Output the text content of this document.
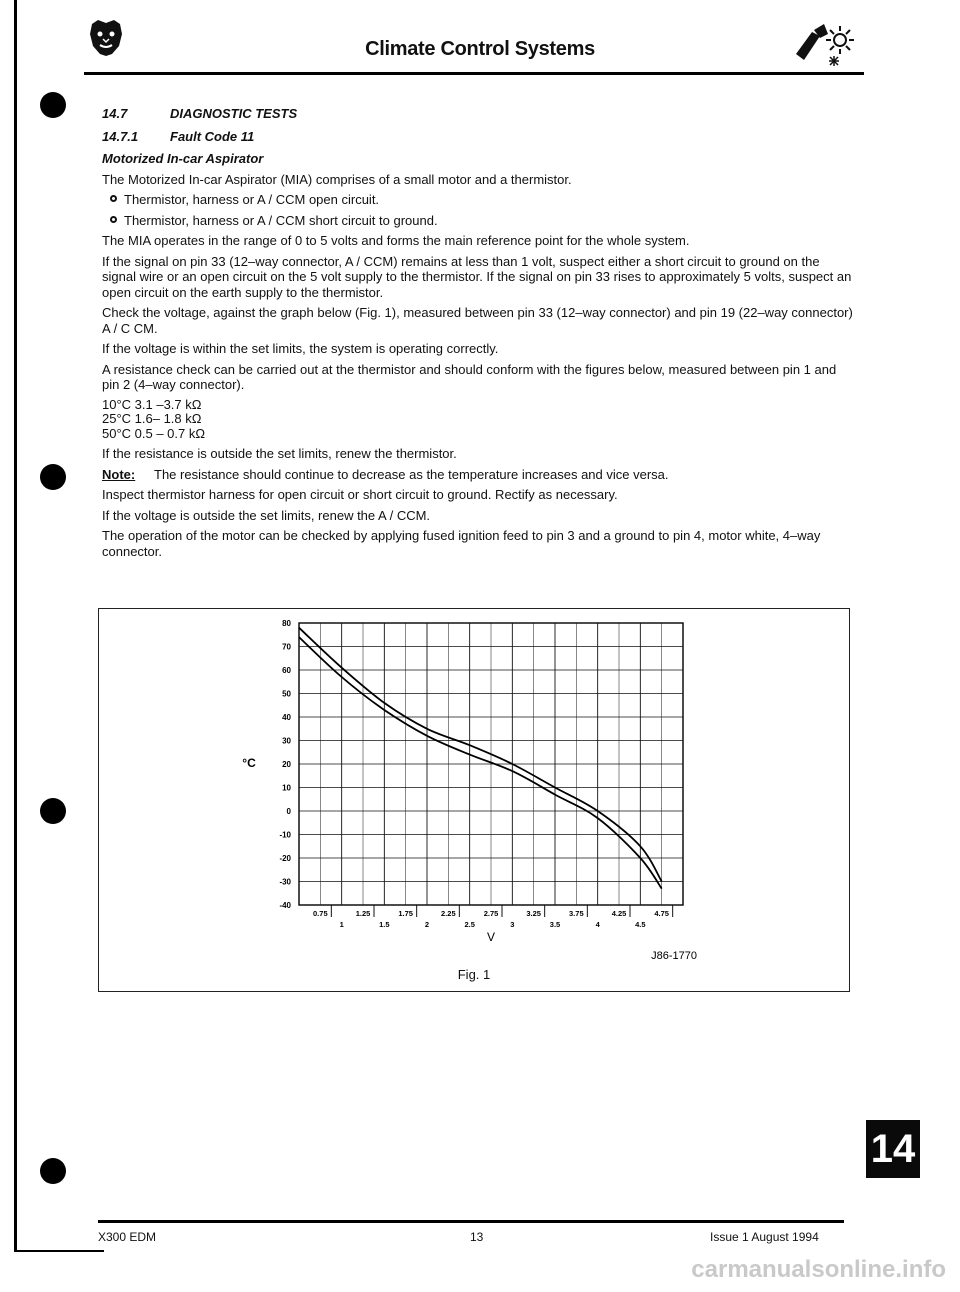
Climate Control Systems

14.7	DIAGNOSTIC TESTS

14.7.1 Fault Code 11

Motorized In-car Aspirator

The Motorized In-car Aspirator (MIA) comprises of a small motor and a thermistor.

Thermistor, harness or A / CCM open circuit.

Thermistor, harness or A / CCM short circuit to ground.

The MIA operates in the range of 0 to 5 volts and forms the main reference point for the whole system.

If the signal on pin 33 (12–way connector, A / CCM) remains at less than 1 volt, suspect either a short circuit to ground on the signal wire or an open circuit on the 5 volt supply to the thermistor. If the signal on pin 33 rises to approximately 5 volts, suspect an open circuit on the earth supply to the thermistor.

Check the voltage, against the graph below (Fig. 1), measured between pin 33 (12–way connector) and pin 19 (22–way connector) A / C CM.

If the voltage is within the set limits, the system is operating correctly.

A resistance check can be carried out at the thermistor and should conform with the figures below, measured between pin 1 and pin 2 (4–way connector).

10°C 3.1 –3.7 kΩ
25°C 1.6– 1.8 kΩ
50°C 0.5 – 0.7 kΩ

If the resistance is outside the set limits, renew the thermistor.

Note:	The resistance should continue to decrease as the temperature increases and vice versa.

Inspect thermistor harness for open circuit or short circuit to ground. Rectify as necessary.

If the voltage is outside the set limits, renew the A / CCM.

The operation of the motor can be checked by applying fused ignition feed to pin 3 and a ground to pin 4, motor white, 4–way connector.

80
70
60
50
40
30
20
10
0
-10
-20
-30
-40
0.75	1.25	1.75	2.25	2.75	3.25	3.75	4.25	4.75
1	1.5	2	2.5	3	3.5	4	4.5
°C
V
J86-1770
Fig. 1
X300 EDM	13	Issue 1 August 1994
14
carmanualsonline.info
